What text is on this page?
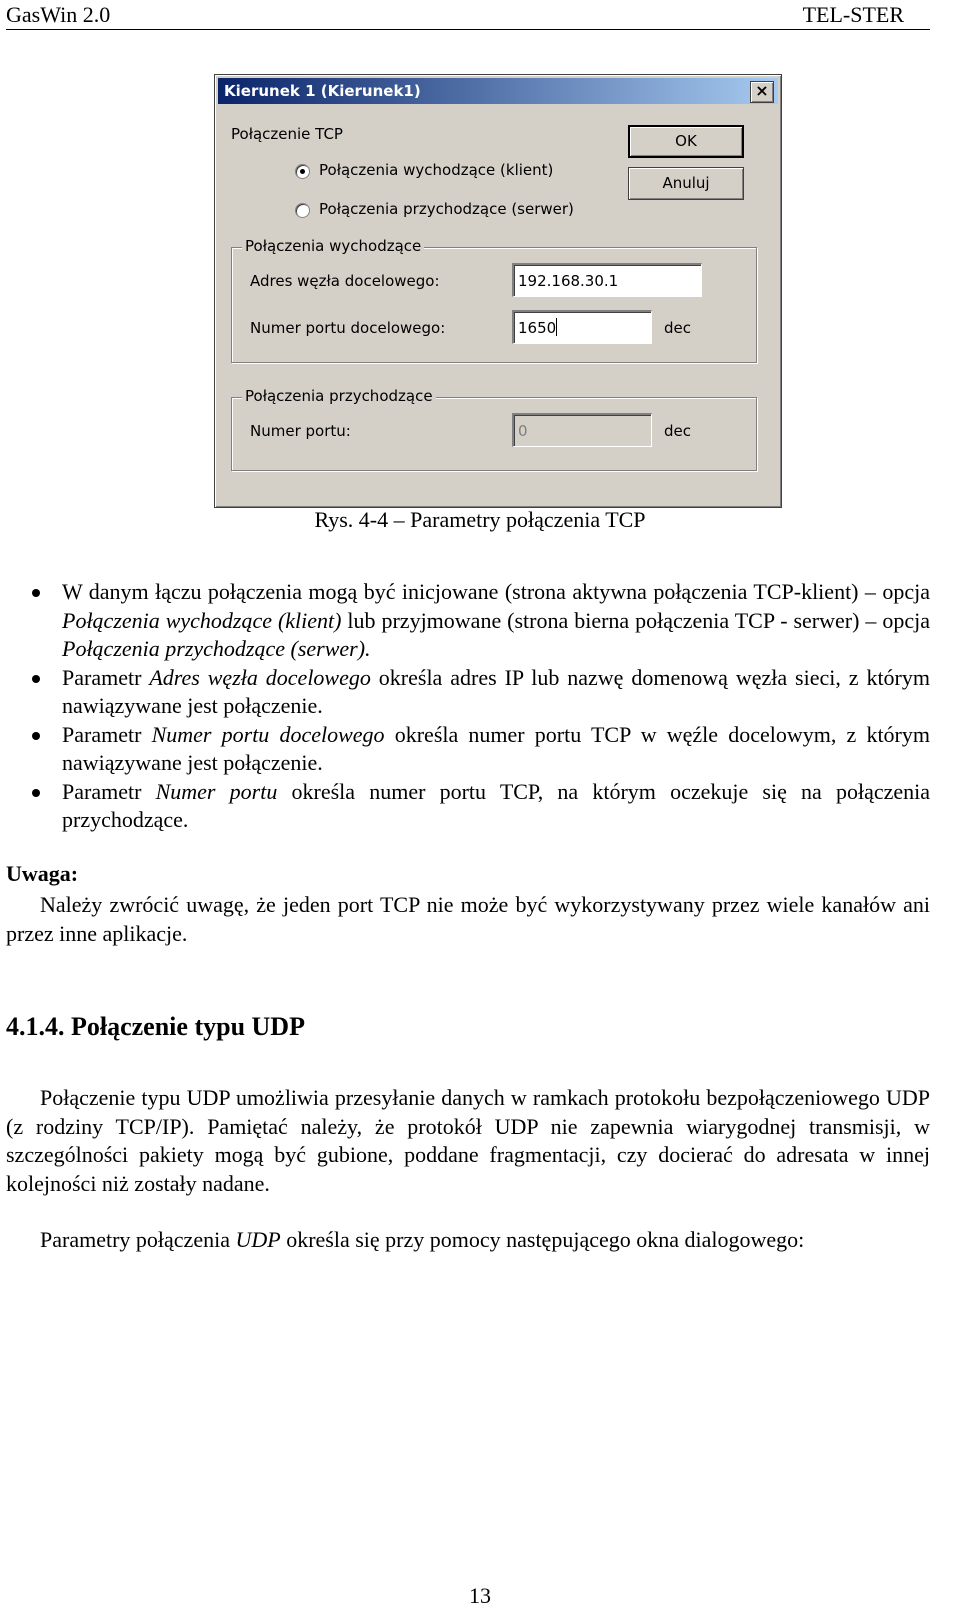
GasWin 2.0	TEL-STER
Kierunek 1 (Kierunek1)	×
Połączenie TCP
Połączenia wychodzące (klient)
Połączenia przychodzące (serwer)
OK
Anuluj
Połączenia wychodzące
Adres węzła docelowego:	192.168.30.1
Numer portu docelowego:	1650	dec
Połączenia przychodzące
Numer portu:	0	dec
Rys. 4-4 – Parametry połączenia TCP
W danym łączu połączenia mogą być inicjowane (strona aktywna połączenia TCP-klient) – opcja Połączenia wychodzące (klient) lub przyjmowane (strona bierna połączenia TCP - serwer) – opcja Połączenia przychodzące (serwer).
Parametr Adres węzła docelowego określa adres IP lub nazwę domenową węzła sieci, z którym nawiązywane jest połączenie.
Parametr Numer portu docelowego określa numer portu TCP w węźle docelowym, z którym nawiązywane jest połączenie.
Parametr Numer portu określa numer portu TCP, na którym oczekuje się na połączenia przychodzące.
Uwaga:
Należy zwrócić uwagę, że jeden port TCP nie może być wykorzystywany przez wiele kanałów ani przez inne aplikacje.
4.1.4. Połączenie typu UDP
Połączenie typu UDP umożliwia przesyłanie danych w ramkach protokołu bezpołączeniowego UDP (z rodziny TCP/IP). Pamiętać należy, że protokół UDP nie zapewnia wiarygodnej transmisji, w szczególności pakiety mogą być gubione, poddane fragmentacji, czy docierać do adresata w innej kolejności niż zostały nadane.
Parametry połączenia UDP określa się przy pomocy następującego okna dialogowego:
13
